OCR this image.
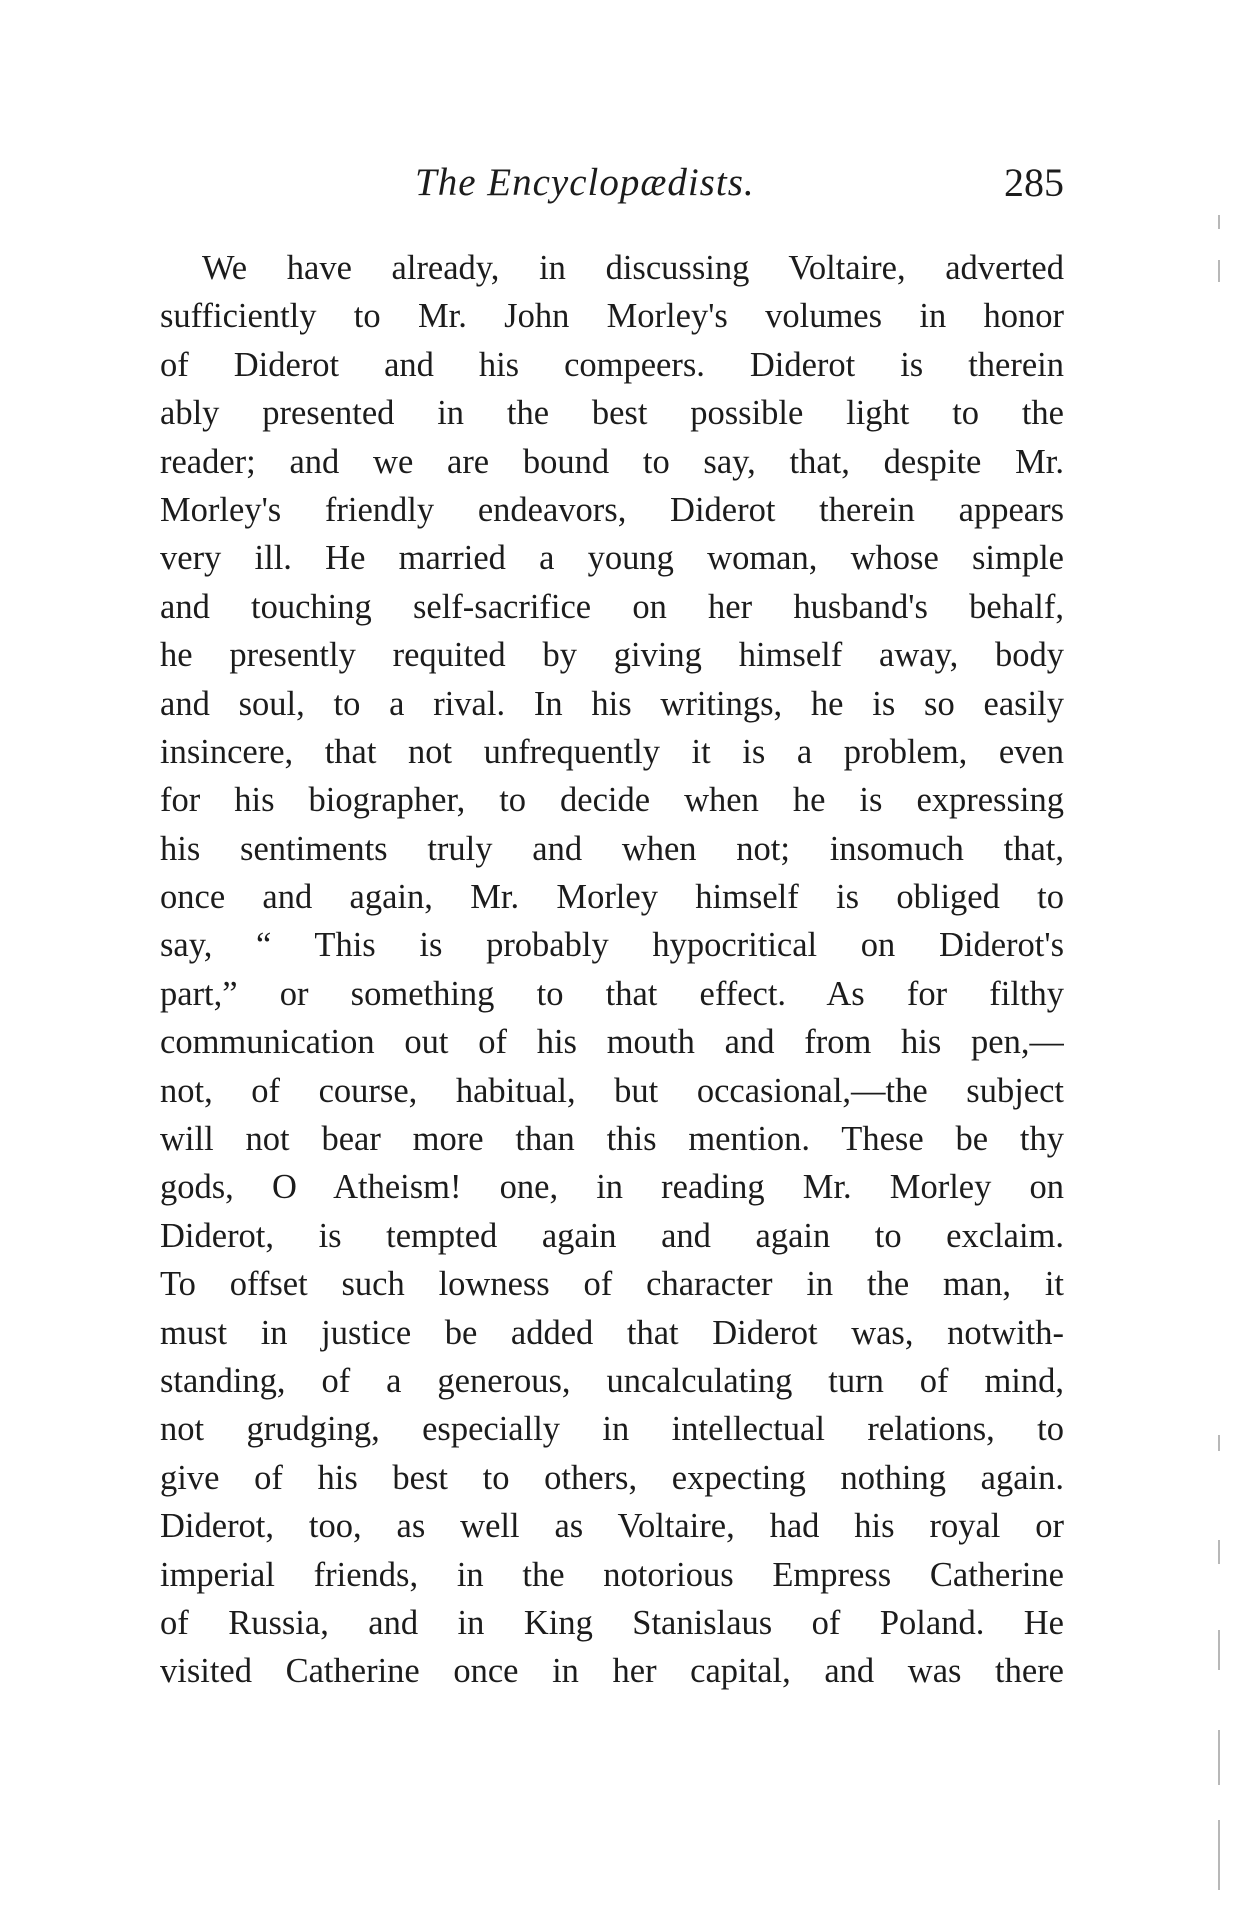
The Encyclopædists.	285
We have already, in discussing Voltaire, adverted
sufficiently to Mr. John Morley's volumes in honor
of Diderot and his compeers. Diderot is therein
ably presented in the best possible light to the
reader; and we are bound to say, that, despite Mr.
Morley's friendly endeavors, Diderot therein appears
very ill. He married a young woman, whose simple
and touching self-sacrifice on her husband's behalf,
he presently requited by giving himself away, body
and soul, to a rival. In his writings, he is so easily
insincere, that not unfrequently it is a problem, even
for his biographer, to decide when he is expressing
his sentiments truly and when not; insomuch that,
once and again, Mr. Morley himself is obliged to
say, “ This is probably hypocritical on Diderot's
part,” or something to that effect. As for filthy
communication out of his mouth and from his pen,—
not, of course, habitual, but occasional,—the subject
will not bear more than this mention. These be thy
gods, O Atheism! one, in reading Mr. Morley on
Diderot, is tempted again and again to exclaim.
To offset such lowness of character in the man, it
must in justice be added that Diderot was, notwith-
standing, of a generous, uncalculating turn of mind,
not grudging, especially in intellectual relations, to
give of his best to others, expecting nothing again.
Diderot, too, as well as Voltaire, had his royal or
imperial friends, in the notorious Empress Catherine
of Russia, and in King Stanislaus of Poland. He
visited Catherine once in her capital, and was there
